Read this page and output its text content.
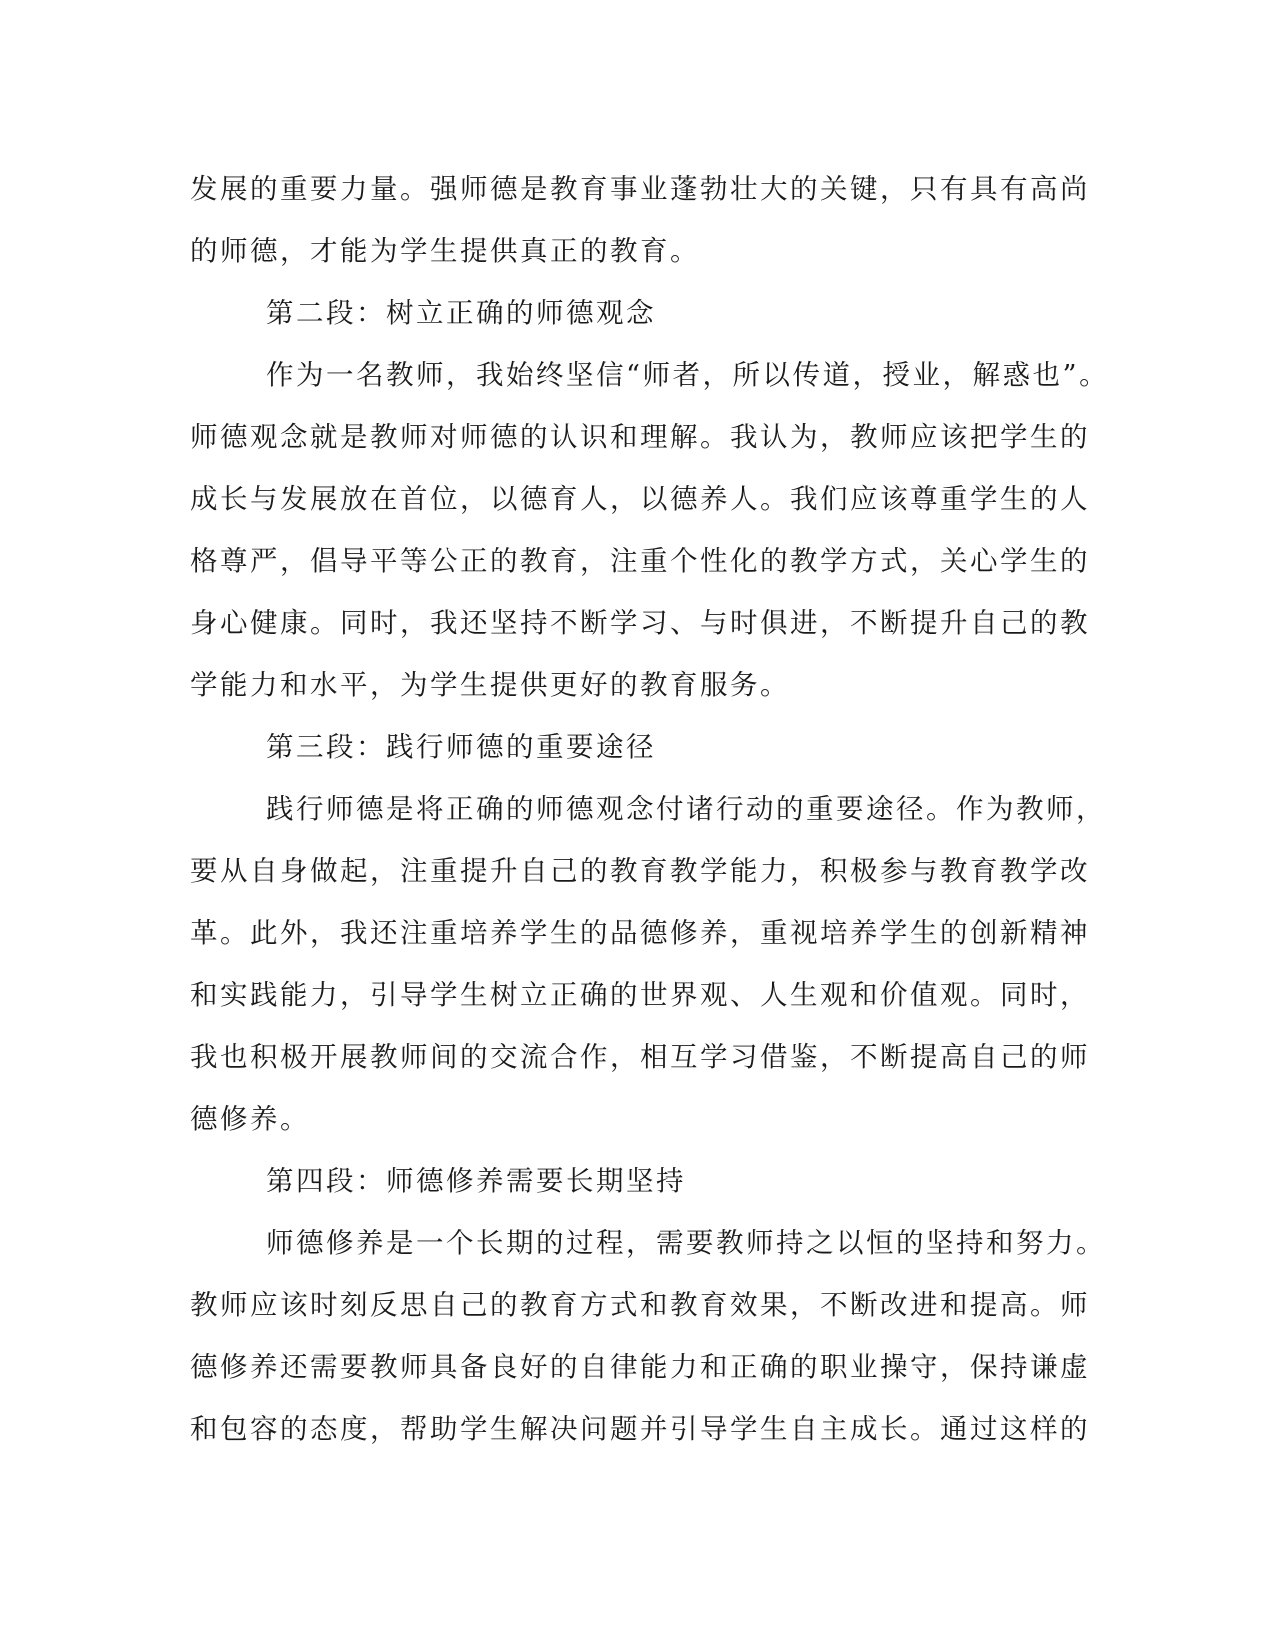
发展的重要力量。强师德是教育事业蓬勃壮大的关键，只有具有高尚
的师德，才能为学生提供真正的教育。
第二段：树立正确的师德观念
作为一名教师，我始终坚信“师者，所以传道，授业，解惑也”。
师德观念就是教师对师德的认识和理解。我认为，教师应该把学生的
成长与发展放在首位，以德育人，以德养人。我们应该尊重学生的人
格尊严，倡导平等公正的教育，注重个性化的教学方式，关心学生的
身心健康。同时，我还坚持不断学习、与时俱进，不断提升自己的教
学能力和水平，为学生提供更好的教育服务。
第三段：践行师德的重要途径
践行师德是将正确的师德观念付诸行动的重要途径。作为教师，
要从自身做起，注重提升自己的教育教学能力，积极参与教育教学改
革。此外，我还注重培养学生的品德修养，重视培养学生的创新精神
和实践能力，引导学生树立正确的世界观、人生观和价值观。同时，
我也积极开展教师间的交流合作，相互学习借鉴，不断提高自己的师
德修养。
第四段：师德修养需要长期坚持
师德修养是一个长期的过程，需要教师持之以恒的坚持和努力。
教师应该时刻反思自己的教育方式和教育效果，不断改进和提高。师
德修养还需要教师具备良好的自律能力和正确的职业操守，保持谦虚
和包容的态度，帮助学生解决问题并引导学生自主成长。通过这样的
